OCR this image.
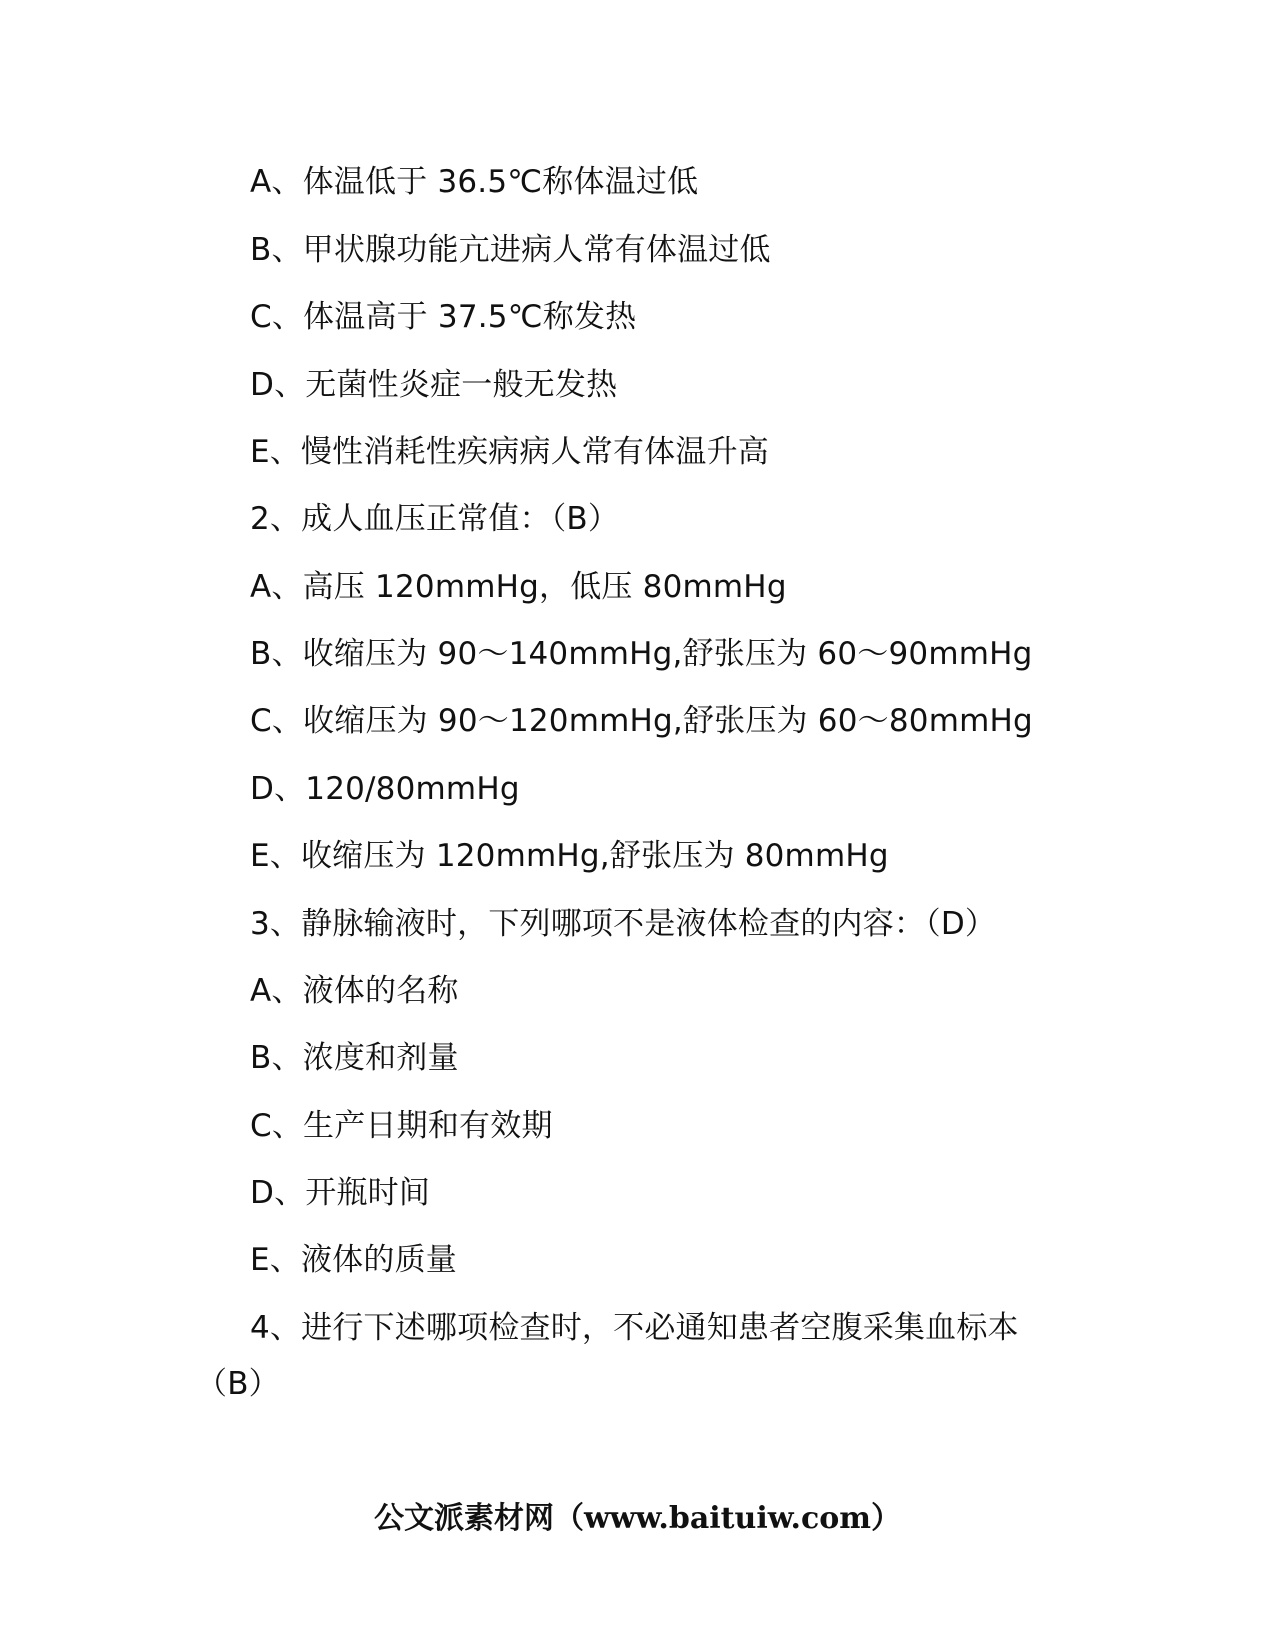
A、体温低于 36.5℃称体温过低
B、甲状腺功能亢进病人常有体温过低
C、体温高于 37.5℃称发热
D、无菌性炎症一般无发热
E、慢性消耗性疾病病人常有体温升高
2、成人血压正常值：（B）
A、高压 120mmHg，低压 80mmHg
B、收缩压为 90～140mmHg,舒张压为 60～90mmHg
C、收缩压为 90～120mmHg,舒张压为 60～80mmHg
D、120/80mmHg
E、收缩压为 120mmHg,舒张压为 80mmHg
3、静脉输液时，下列哪项不是液体检查的内容：（D）
A、液体的名称
B、浓度和剂量
C、生产日期和有效期
D、开瓶时间
E、液体的质量
4、进行下述哪项检查时，不必通知患者空腹采集血标本
（B）
公文派素材网（www.baituiw.com）
